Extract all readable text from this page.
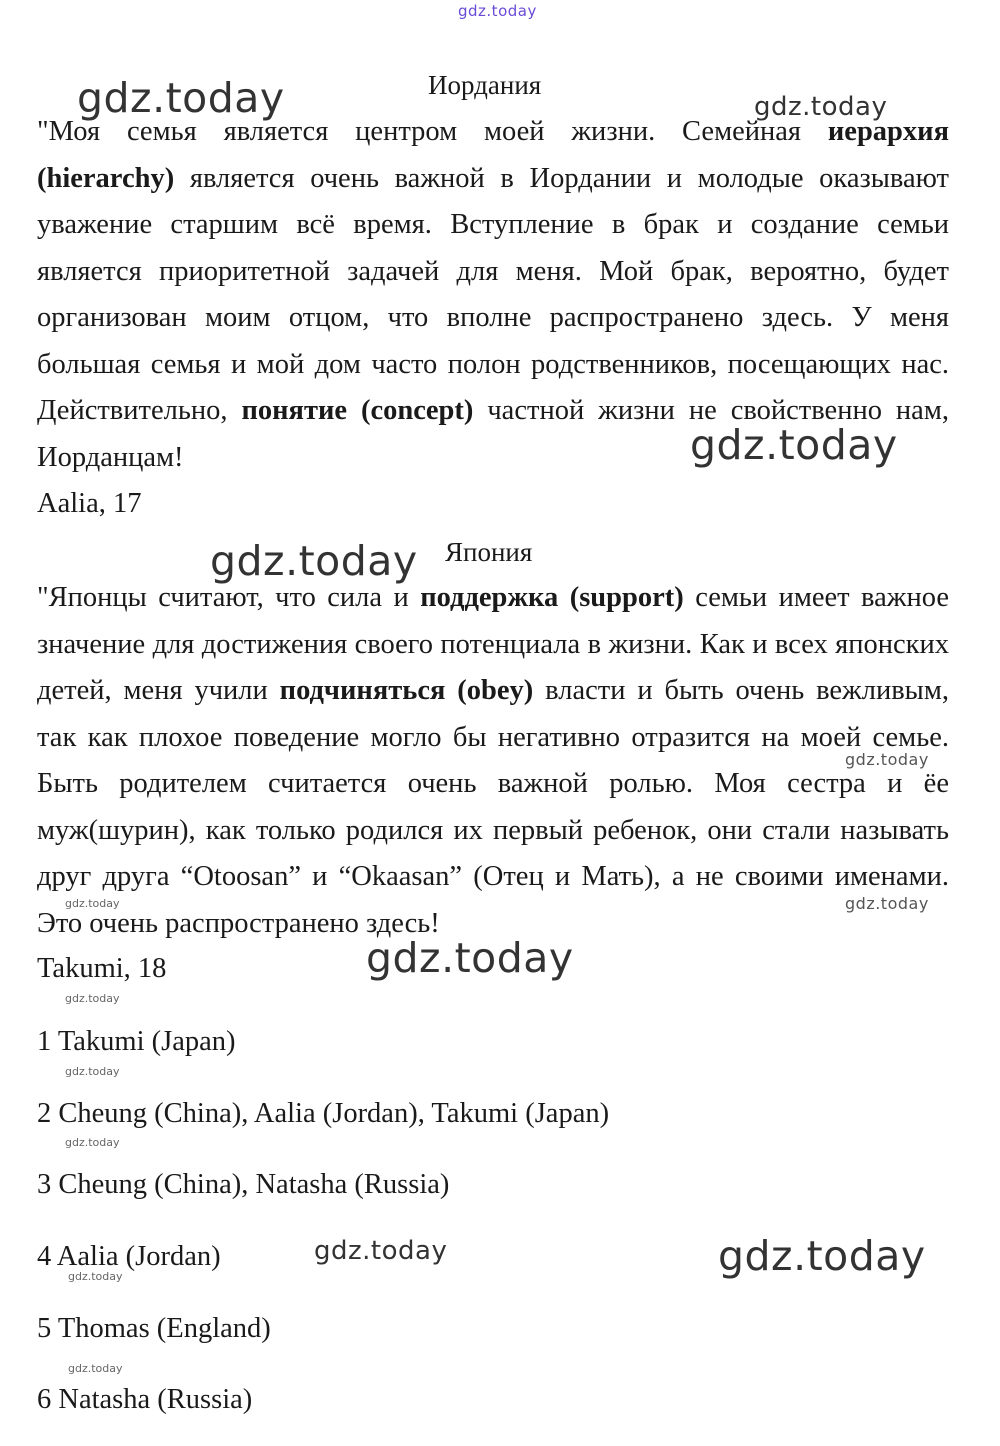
Иордания

"Моя семья является центром моей жизни. Семейная иерархия (hierarchy) является очень важной в Иордании и молодые оказывают уважение старшим всё время. Вступление в брак и создание семьи является приоритетной задачей для меня. Мой брак, вероятно, будет организован моим отцом, что вполне распространено здесь. У меня большая семья и мой дом часто полон родственников, посещающих нас. Действительно, понятие (concept) частной жизни не свойственно нам, Иорданцам!

Aalia, 17
Япония

"Японцы считают, что сила и поддержка (support) семьи имеет важное значение для достижения своего потенциала в жизни. Как и всех японских детей, меня учили подчиняться (obey) власти и быть очень вежливым, так как плохое поведение могло бы негативно отразится на моей семье. Быть родителем считается очень важной ролью. Моя сестра и ёе муж(шурин), как только родился их первый ребенок, они стали называть друг друга “Otoosan” и “Okaasan” (Отец и Мать), а не своими именами. Это очень распространено здесь!

Takumi, 18
1 Takumi (Japan)
2 Cheung (China), Aalia (Jordan), Takumi (Japan)
3 Cheung (China), Natasha (Russia)
4 Aalia (Jordan)
5 Thomas (England)
6 Natasha (Russia)
gdz.today
gdz.today	gdz.today
gdz.today
gdz.today
gdz.today
gdz.today	gdz.today
gdz.today
gdz.today
gdz.today
gdz.today
gdz.today	gdz.today
gdz.today
gdz.today
